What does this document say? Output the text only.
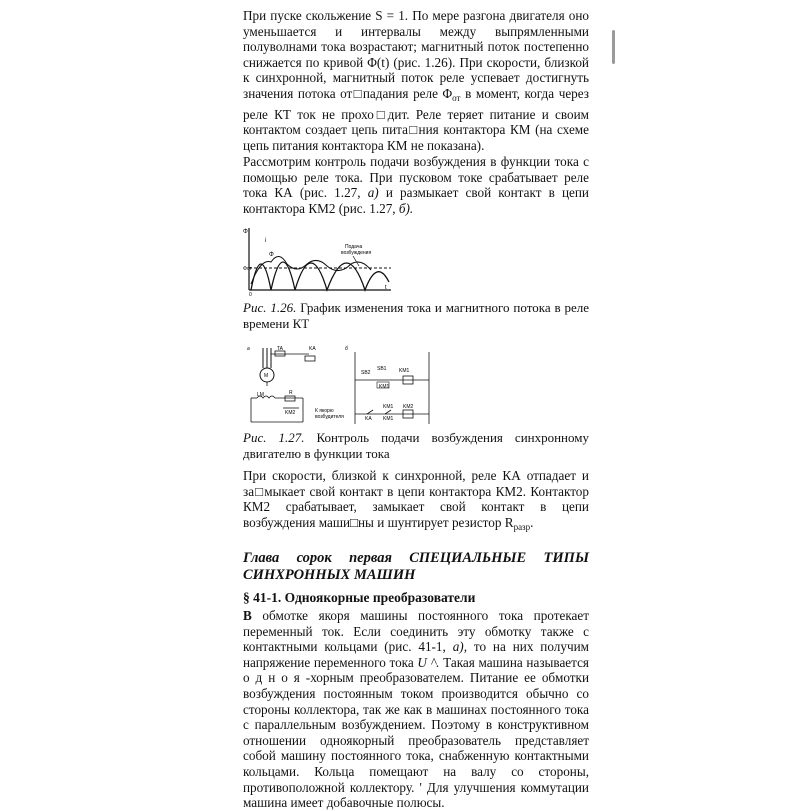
При пуске скольжение S = 1. По мере разгона двигателя оно уменьшается и интервалы между выпрямленными полуволнами тока возрастают; магнитный поток постепенно снижается по кривой Φ(t) (рис. 1.26). При скорости, близкой к синхронной, магнитный поток реле успевает достигнуть значения потока от□падания реле $\Phi_{от}$ в момент, когда через реле КТ ток не прохо□дит. Реле теряет питание и своим контактом создает цепь пита□ния контактора КМ (на схеме цепь питания контактора КМ не показана).

Рассмотрим контроль подачи возбуждения в функции тока с помощью реле тока. При пусковом токе срабатывает реле тока КА (рис. 1.27, а) и размыкает свой контакт в цепи контактора КМ2 (рис. 1.27, б).

Φ
Φот
i
Φ
0
t
Подача
возбуждения

Рис. 1.26. График изменения тока и магнитного потока в реле времени КТ

а	TA	KA
М
LM	R
KM2	К якорю
возбудителя
б
SB2
SB1	KM1
KM1
KM1
KA KM1
KM2

Рис. 1.27. Контроль подачи возбуждения синхронному двигателю в функции тока

При скорости, близкой к синхронной, реле КА отпадает и за□мыкает свой контакт в цепи контактора КМ2. Контактор КМ2 срабатывает, замыкает свой контакт в цепи возбуждения маши□ны и шунтирует резистор $R_{разр}$.

Глава сорок первая СПЕЦИАЛЬНЫЕ ТИПЫ СИНХРОННЫХ МАШИН

§ 41-1. Одноякорные преобразователи

В обмотке якоря машины постоянного тока протекает переменный ток. Если соединить эту обмотку также с контактными кольцами (рис. 41-1, а), то на них получим напряжение переменного тока U ^. Такая машина называется о д н о я -хорным преобразователем. Питание ее обмотки возбуждения постоянным током производится обычно со стороны коллектора, так же как в машинах постоянного тока с параллельным возбуждением. Поэтому в конструктивном отношении одноякорный преобразователь представляет собой машину постоянного тока, снабженную контактными кольцами. Кольца помещают на валу со стороны, противоположной коллектору. ' Для улучшения коммутации машина имеет добавочные полюсы.
